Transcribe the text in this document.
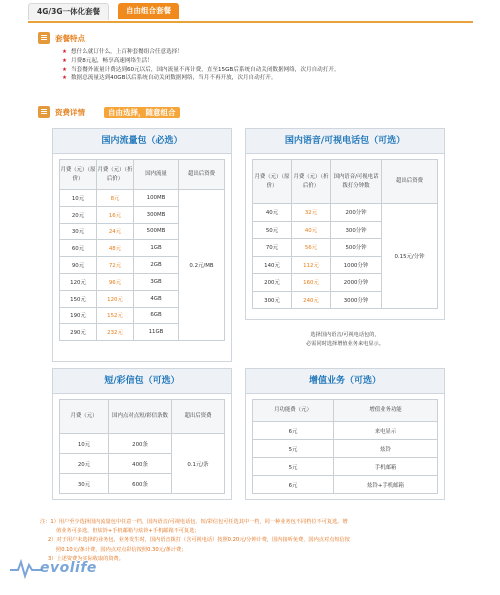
4G/3G一体化套餐	自由组合套餐
套餐特点
★ 想什么就订什么，上百种套餐组合任意选择！
★ 月费8元起，畅享高速网络生活！
★ 当套餐外流量计费达到60元以后，国内流量不再计费，直至15GB后系统自动关闭数据网络，次月自动打开。
★ 数据总流量达到40GB以后系统自动关闭数据网络，当月不再开放，次月自动打开。
资费详情	自由选择，随意组合
国内流量包（必选）
月费（元）（原价）	月费（元）（折后价）	国内流量	超出后资费
10元	8元	100MB	0.2元/MB
20元	16元	300MB	
30元	24元	500MB	
60元	48元	1GB	
90元	72元	2GB	
120元	96元	3GB	
150元	120元	4GB	
190元	152元	6GB	
290元	232元	11GB	
国内语音/可视电话包（可选）
月费（元）（原价）	月费（元）（折后价）	国内语音/可视电话拨打分钟数	超出后资费
40元	32元	200分钟	0.15元/分钟
50元	40元	300分钟	
70元	56元	500分钟	
140元	112元	1000分钟	
200元	160元	2000分钟	
300元	240元	3000分钟	
选择国内语音/可视电话包的，
必需同时选择增值业务来电显示。
短/彩信包（可选）
月费（元）	国内点对点短/彩信条数	超出后资费
10元	200条	0.1元/条
20元	400条	
30元	600条	
增值业务（可选）
月功能费（元）	增值业务功能
6元	来电显示
5元	炫铃
5元	手机邮箱
6元	炫铃+手机邮箱

注：1）用户至少选择国内流量包中任意一档，国内语音/可视电话包、短/彩信包可任选其中一档，同一种业务包不同档位不可复选。增

值业务可多选，但炫铃+手机邮箱与炫铃+手机邮箱不可复选；

2）对于用户未选择的业务包，业务发生时，国内语音拨打（含可视电话）按照0.20元/分钟计费，国内接听免费，国内点对点短信按

照0.10元/条计费，国内点对点彩信按照0.30元/条计费；

3）上述资费为实际收取的资费。

evolife
